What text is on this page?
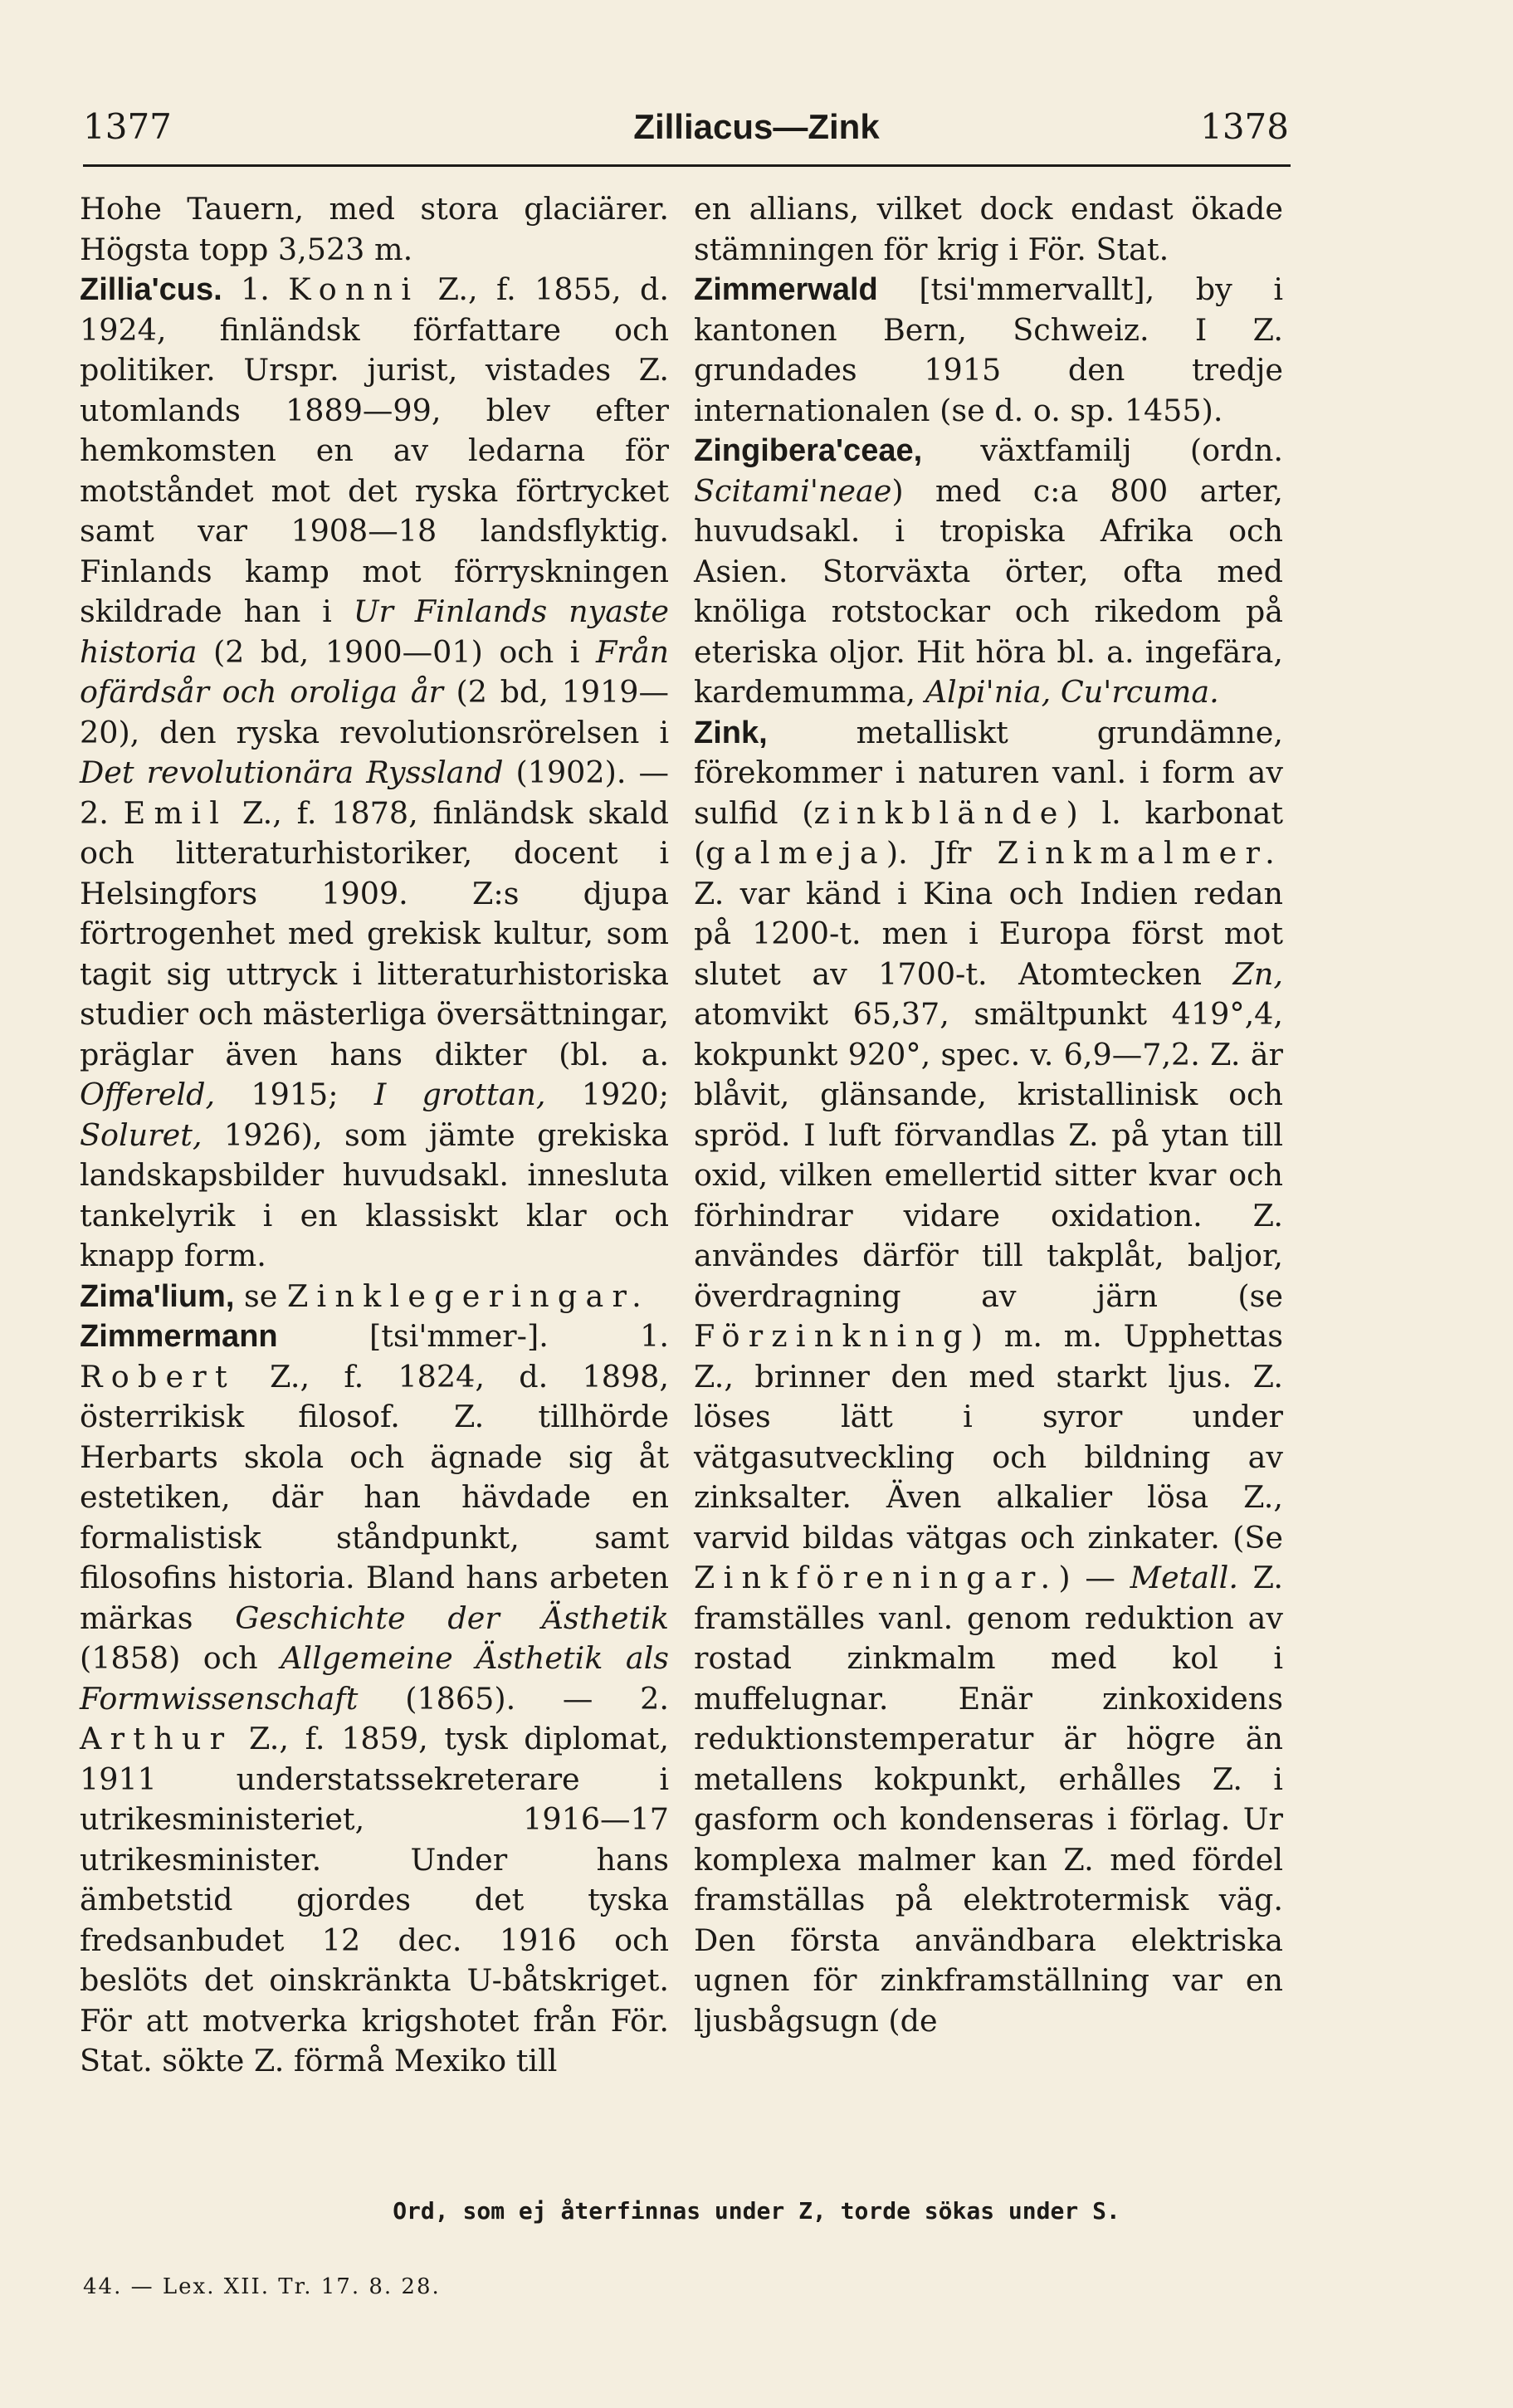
1377	Zilliacus—Zink	1378

Hohe Tauern, med stora glaciärer. Högsta topp 3,523 m.

Zillia'cus. 1. Konni Z., f. 1855, d. 1924, finländsk författare och politiker. Urspr. jurist, vistades Z. utomlands 1889—99, blev efter hemkomsten en av ledarna för motståndet mot det ryska förtrycket samt var 1908—18 landsflyktig. Finlands kamp mot förryskningen skildrade han i Ur Finlands nyaste historia (2 bd, 1900—01) och i Från ofärdsår och oroliga år (2 bd, 1919—20), den ryska revolutionsrörelsen i Det revolutionära Ryssland (1902). — 2. Emil Z., f. 1878, finländsk skald och litteraturhistoriker, docent i Helsingfors 1909. Z:s djupa förtrogenhet med grekisk kultur, som tagit sig uttryck i litteraturhistoriska studier och mästerliga översättningar, präglar även hans dikter (bl. a. Offereld, 1915; I grottan, 1920; Soluret, 1926), som jämte grekiska landskapsbilder huvudsakl. innesluta tankelyrik i en klassiskt klar och knapp form.

Zima'lium, se Zinklegeringar.

Zimmermann [tsi'mmer-]. 1. Robert Z., f. 1824, d. 1898, österrikisk filosof. Z. tillhörde Herbarts skola och ägnade sig åt estetiken, där han hävdade en formalistisk ståndpunkt, samt filosofins historia. Bland hans arbeten märkas Geschichte der Ästhetik (1858) och Allgemeine Ästhetik als Formwissenschaft (1865). — 2. Arthur Z., f. 1859, tysk diplomat, 1911 understatssekreterare i utrikesministeriet, 1916—17 utrikesminister. Under hans ämbetstid gjordes det tyska fredsanbudet 12 dec. 1916 och beslöts det oinskränkta U-båtskriget. För att motverka krigshotet från För. Stat. sökte Z. förmå Mexiko till

en allians, vilket dock endast ökade stämningen för krig i För. Stat.

Zimmerwald [tsi'mmervallt], by i kantonen Bern, Schweiz. I Z. grundades 1915 den tredje internationalen (se d. o. sp. 1455).

Zingibera'ceae, växtfamilj (ordn. Scitami'neae) med c:a 800 arter, huvudsakl. i tropiska Afrika och Asien. Storväxta örter, ofta med knöliga rotstockar och rikedom på eteriska oljor. Hit höra bl. a. ingefära, kardemumma, Alpi'nia, Cu'rcuma.

Zink, metalliskt grundämne, förekommer i naturen vanl. i form av sulfid (zinkblände) l. karbonat (galmeja). Jfr Zinkmalmer. Z. var känd i Kina och Indien redan på 1200-t. men i Europa först mot slutet av 1700-t. Atomtecken Zn, atomvikt 65,37, smältpunkt 419°,4, kokpunkt 920°, spec. v. 6,9—7,2. Z. är blåvit, glänsande, kristallinisk och spröd. I luft förvandlas Z. på ytan till oxid, vilken emellertid sitter kvar och förhindrar vidare oxidation. Z. användes därför till takplåt, baljor, överdragning av järn (se Förzinkning) m. m. Upphettas Z., brinner den med starkt ljus. Z. löses lätt i syror under vätgasutveckling och bildning av zinksalter. Även alkalier lösa Z., varvid bildas vätgas och zinkater. (Se Zinkföreningar.) — Metall. Z. framställes vanl. genom reduktion av rostad zinkmalm med kol i muffelugnar. Enär zinkoxidens reduktionstemperatur är högre än metallens kokpunkt, erhålles Z. i gasform och kondenseras i förlag. Ur komplexa malmer kan Z. med fördel framställas på elektrotermisk väg. Den första användbara elektriska ugnen för zinkframställning var en ljusbågsugn (de

Ord, som ej återfinnas under Z, torde sökas under S.
44. — Lex. XII. Tr. 17. 8. 28.
